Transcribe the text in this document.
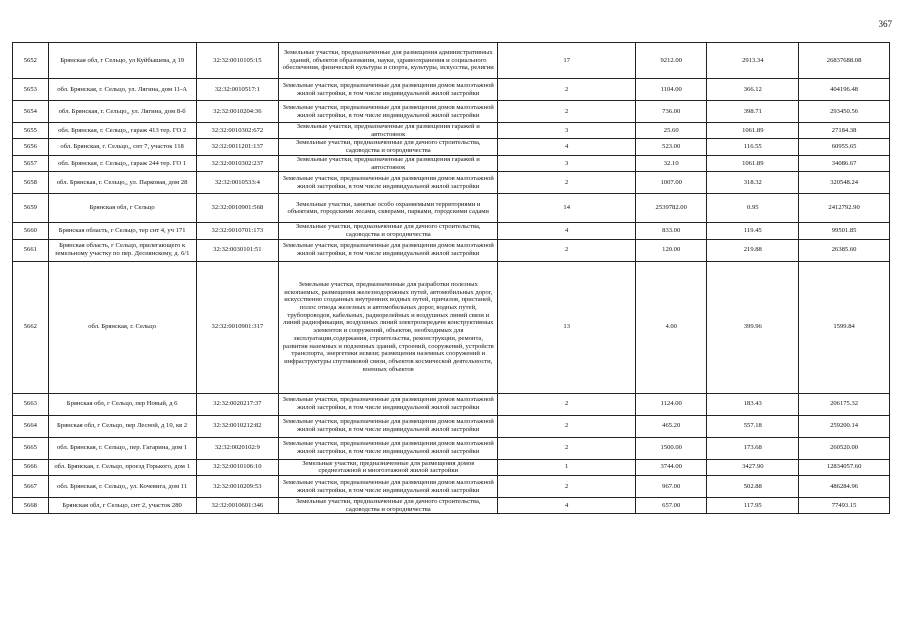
367
5652	Брянская обл, г Сельцо, ул Куйбышева, д 19	32:32:0010105:15	Земельные участки, предназначенные для размещения административных зданий, объектов образования, науки, здравоохранения и социального обеспечения, физической культуры и спорта, культуры, искусства, религии	17	9212.00	2913.34	26837688.08
5653	обл. Брянская, г. Сельцо, ул. Лягина, дом 11-А	32:32:0010517:1	Земельные участки, предназначенные для размещения домов малоэтажной жилой застройки, в том числе индивидуальной жилой застройки	2	1104.00	366.12	404196.48
5654	обл. Брянская, г. Сельцо,, ул. Лягина, дом 8-б	32:32:0010204:36	Земельные участки, предназначенные для размещения домов малоэтажной жилой застройки, в том числе индивидуальной жилой застройки	2	736.00	398.71	293450.56
5655	обл. Брянская, г. Сельцо,, гараж 413 тер. ГО 2	32:32:0010302:672	Земельные участки, предназначенные для размещения гаражей и автостоянок	3	25.60	1061.89	27184.38
5656	обл. Брянская, г. Сельцо,, снт 7, участок 118	32:32:0011201:137	Земельные участки, предназначенные для дачного строительства, садоводства и огородничества	4	523.00	116.55	60955.65
5657	обл. Брянская, г. Сельцо,, гараж 244 тер. ГО 1	32:32:0010302:237	Земельные участки, предназначенные для размещения гаражей и автостоянок	3	32.10	1061.89	34086.67
5658	обл. Брянская, г. Сельцо,, ул. Парковая, дом 28	32:32:0010533:4	Земельные участки, предназначенные для размещения домов малоэтажной жилой застройки, в том числе индивидуальной жилой застройки	2	1007.00	318.32	320548.24
5659	Брянская обл, г Сельцо	32:32:0010901:568	Земельные участки, занятые особо охраняемыми территориями и объектами, городскими лесами, скверами, парками, городскими садами	14	2539782.00	0.95	2412792.90
5660	Брянская область, г Сельцо, тер снт 4, уч 171	32:32:0010701:173	Земельные участки, предназначенные для дачного строительства, садоводства и огородничества	4	833.00	119.45	99501.85
5661	Брянская область, г Сельцо, прилегающего к земельному участку по пер. Деснянскому, д. 6/1	32:32:0030101:51	Земельные участки, предназначенные для размещения домов малоэтажной жилой застройки, в том числе индивидуальной жилой застройки	2	120.00	219.88	26385.60
5662	обл. Брянская, г. Сельцо	32:32:0010901:317	Земельные участки, предназначенные для разработки полезных ископаемых, размещения железнодорожных путей, автомобильных дорог, искусственно созданных внутренних водных путей, причалов, пристаней, полос отвода железных и автомобильных дорог, водных путей, трубопроводов, кабельных, радиорелейных и воздушных линий связи и линий радиофикации, воздушных линий электропередачи конструктивных элементов и сооружений, объектов, необходимых для эксплуатации,содержания, строительства, реконструкции, ремонта, развития наземных и подземных зданий, строений, сооружений, устройств транспорта, энергетики исвязи; размещения наземных сооружений и инфраструктуры спутниковой связи, объектов космической деятельности, военных объектов	13	4.00	399.96	1599.84
5663	Брянская обл, г Сельцо, пер Новый, д 6	32:32:0020217:37	Земельные участки, предназначенные для размещения домов малоэтажной жилой застройки, в том числе индивидуальной жилой застройки	2	1124.00	183.43	206175.32
5664	Брянская обл, г Сельцо, пер Лесной, д 10, кв 2	32:32:0010212:82	Земельные участки, предназначенные для размещения домов малоэтажной жилой застройки, в том числе индивидуальной жилой застройки	2	465.20	557.18	259200.14
5665	обл. Брянская, г. Сельцо,, пер. Гагарина, дом 1	32:32:0020102:9	Земельные участки, предназначенные для размещения домов малоэтажной жилой застройки, в том числе индивидуальной жилой застройки	2	1500.00	173.68	260520.00
5666	обл. Брянская, г. Сельцо, проезд Горького, дом 1	32:32:0010106:10	Земельные участки, предназначенные для размещения домов среднеэтажной и многоэтажной жилой застройки	1	3744.00	3427.90	12834057.60
5667	обл. Брянская, г. Сельцо,, ул. Кочевига, дом 11	32:32:0010209:53	Земельные участки, предназначенные для размещения домов малоэтажной жилой застройки, в том числе индивидуальной жилой застройки	2	967.00	502.88	486284.96
5668	Брянская обл, г Сельцо, снт 2, участок 280	32:32:0010601:346	Земельные участки, предназначенные для дачного строительства, садоводства и огородничества	4	657.00	117.95	77493.15
